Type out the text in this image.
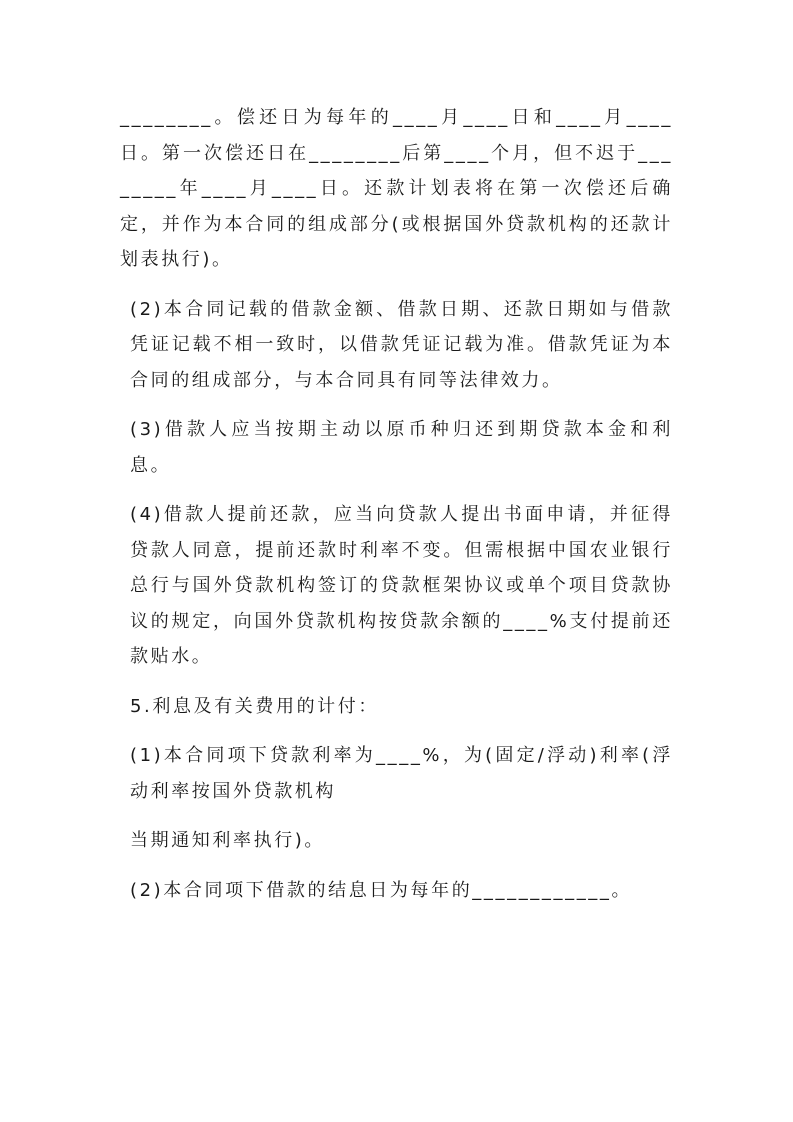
________。偿还日为每年的____月____日和____月____日。第一次偿还日在________后第____个月，但不迟于________年____月____日。还款计划表将在第一次偿还后确定，并作为本合同的组成部分(或根据国外贷款机构的还款计划表执行)。

(2)本合同记载的借款金额、借款日期、还款日期如与借款凭证记载不相一致时，以借款凭证记载为准。借款凭证为本合同的组成部分，与本合同具有同等法律效力。

(3)借款人应当按期主动以原币种归还到期贷款本金和利息。

(4)借款人提前还款，应当向贷款人提出书面申请，并征得贷款人同意，提前还款时利率不变。但需根据中国农业银行总行与国外贷款机构签订的贷款框架协议或单个项目贷款协议的规定，向国外贷款机构按贷款余额的____%支付提前还款贴水。

5.利息及有关费用的计付：

(1)本合同项下贷款利率为____%，为(固定/浮动)利率(浮动利率按国外贷款机构

当期通知利率执行)。

(2)本合同项下借款的结息日为每年的____________。
